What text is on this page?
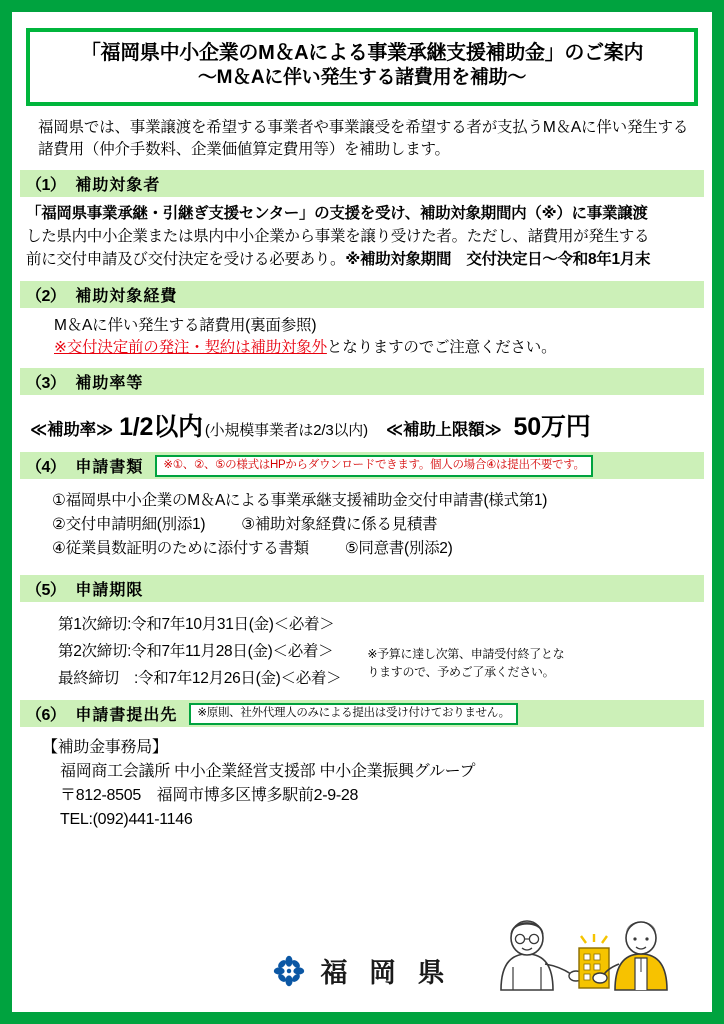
「福岡県中小企業のM＆Aによる事業承継支援補助金」のご案内
～M＆Aに伴い発生する諸費用を補助～
福岡県では、事業譲渡を希望する事業者や事業譲受を希望する者が支払うM＆Aに伴い発生する諸費用（仲介手数料、企業価値算定費用等）を補助します。
（1） 補助対象者
「福岡県事業承継・引継ぎ支援センター」の支援を受け、補助対象期間内（※）に事業譲渡
した県内中小企業または県内中小企業から事業を譲り受けた者。ただし、諸費用が発生する
前に交付申請及び交付決定を受ける必要あり。※補助対象期間　交付決定日～令和8年1月末
（2） 補助対象経費
M＆Aに伴い発生する諸費用(裏面参照)
※交付決定前の発注・契約は補助対象外となりますのでご注意ください。
（3） 補助率等
≪補助率≫ 1/2以内 (小規模事業者は2/3以内) ≪補助上限額≫ 50万円
（4） 申請書類	※①、②、⑤の様式はHPからダウンロードできます。個人の場合④は提出不要です。
①福岡県中小企業のM＆Aによる事業承継支援補助金交付申請書(様式第1)
②交付申請明細(別添1) ③補助対象経費に係る見積書
④従業員数証明のために添付する書類 ⑤同意書(別添2)
（5） 申請期限
第1次締切:令和7年10月31日(金)＜必着＞
第2次締切:令和7年11月28日(金)＜必着＞
最終締切　:令和7年12月26日(金)＜必着＞
※予算に達し次第、申請受付終了となりますので、予めご了承ください。
（6） 申請書提出先	※原則、社外代理人のみによる提出は受け付けておりません。
【補助金事務局】
福岡商工会議所 中小企業経営支援部 中小企業振興グループ
〒812-8505　福岡市博多区博多駅前2-9-28
TEL:(092)441-1146
福 岡 県
